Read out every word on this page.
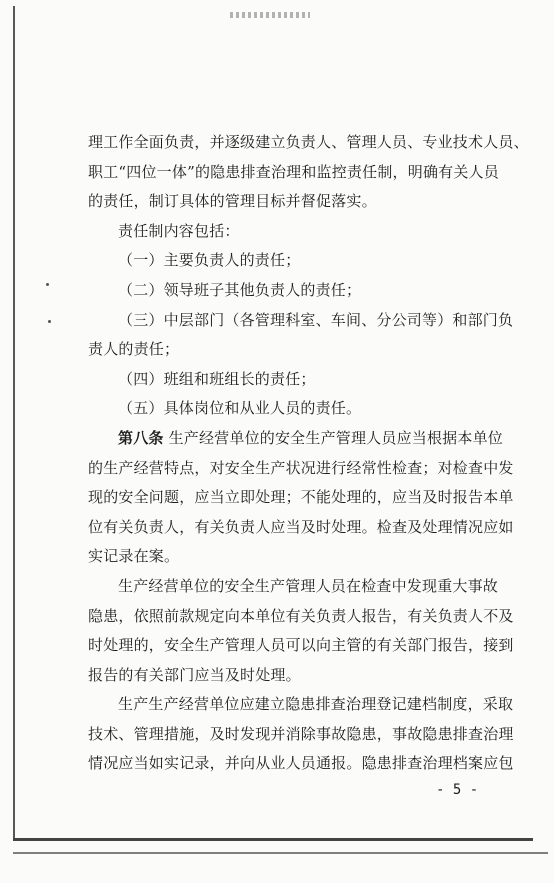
理工作全面负责，并逐级建立负责人、管理人员、专业技术人员、
职工“四位一体”的隐患排查治理和监控责任制，明确有关人员
的责任，制订具体的管理目标并督促落实。
责任制内容包括：
（一）主要负责人的责任；
（二）领导班子其他负责人的责任；
（三）中层部门（各管理科室、车间、分公司等）和部门负
责人的责任；
（四）班组和班组长的责任；
（五）具体岗位和从业人员的责任。
第八条 生产经营单位的安全生产管理人员应当根据本单位
的生产经营特点，对安全生产状况进行经常性检查；对检查中发
现的安全问题，应当立即处理；不能处理的，应当及时报告本单
位有关负责人，有关负责人应当及时处理。检查及处理情况应如
实记录在案。
生产经营单位的安全生产管理人员在检查中发现重大事故
隐患，依照前款规定向本单位有关负责人报告，有关负责人不及
时处理的，安全生产管理人员可以向主管的有关部门报告，接到
报告的有关部门应当及时处理。
生产生产经营单位应建立隐患排查治理登记建档制度，采取
技术、管理措施，及时发现并消除事故隐患，事故隐患排查治理
情况应当如实记录，并向从业人员通报。隐患排查治理档案应包
- 5 -
